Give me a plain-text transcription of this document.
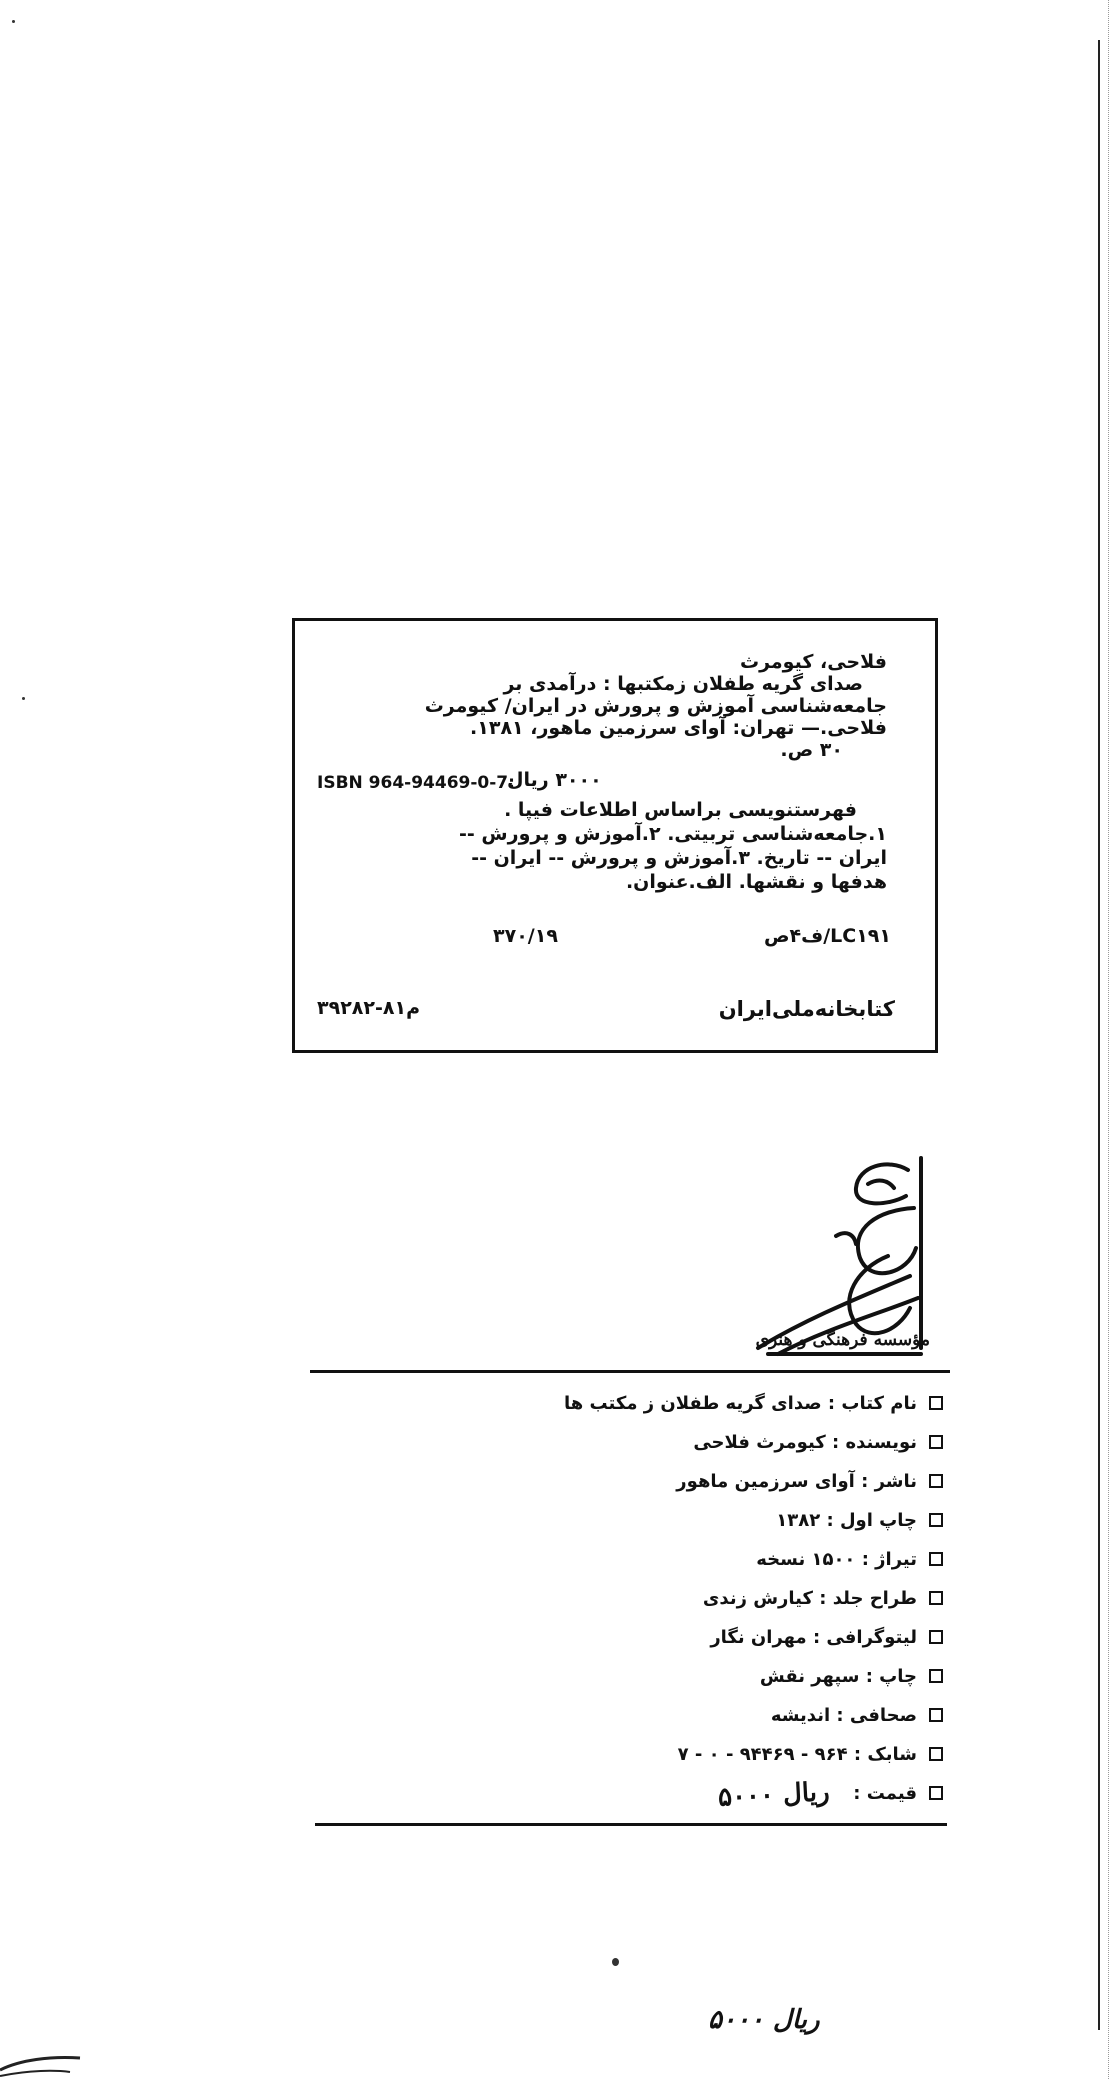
فلاحی، کیومرث
صدای گریه طفلان زمکتبها : درآمدی بر
جامعه‌شناسی آموزش و پرورش در ایران/ کیومرث
فلاحی.— تهران: آوای سرزمین ماهور، ۱۳۸۱.
۳۰ ص.
ISBN 964-94469-0-7:
۳۰۰۰ ریال
فهرستنویسی براساس اطلاعات فیپا .
۱.جامعه‌شناسی تربیتی. ۲.آموزش و پرورش --
ایران -- تاریخ. ۳.آموزش و پرورش -- ایران --
هدفها و نقشها. الف.عنوان.
LC۱۹۱/ف۴ص
۳۷۰/۱۹
کتابخانه‌ملی‌ایران
م۸۱-۳۹۲۸۲
مؤسسه فرهنگی و هنری
نام کتاب : صدای گریه طفلان ز مکتب ها
نویسنده : کیومرث فلاحی
ناشر : آوای سرزمین ماهور
چاپ اول : ۱۳۸۲
تیراژ : ۱۵۰۰ نسخه
طراح جلد : کیارش زندی
لیتوگرافی : مهران نگار
چاپ : سپهر نقش
صحافی : اندیشه
شابک : ۹۶۴ - ۹۴۴۶۹ - ۰ - ۷
قیمت :
۵۰۰۰ ریال
۵۰۰۰ ریال
